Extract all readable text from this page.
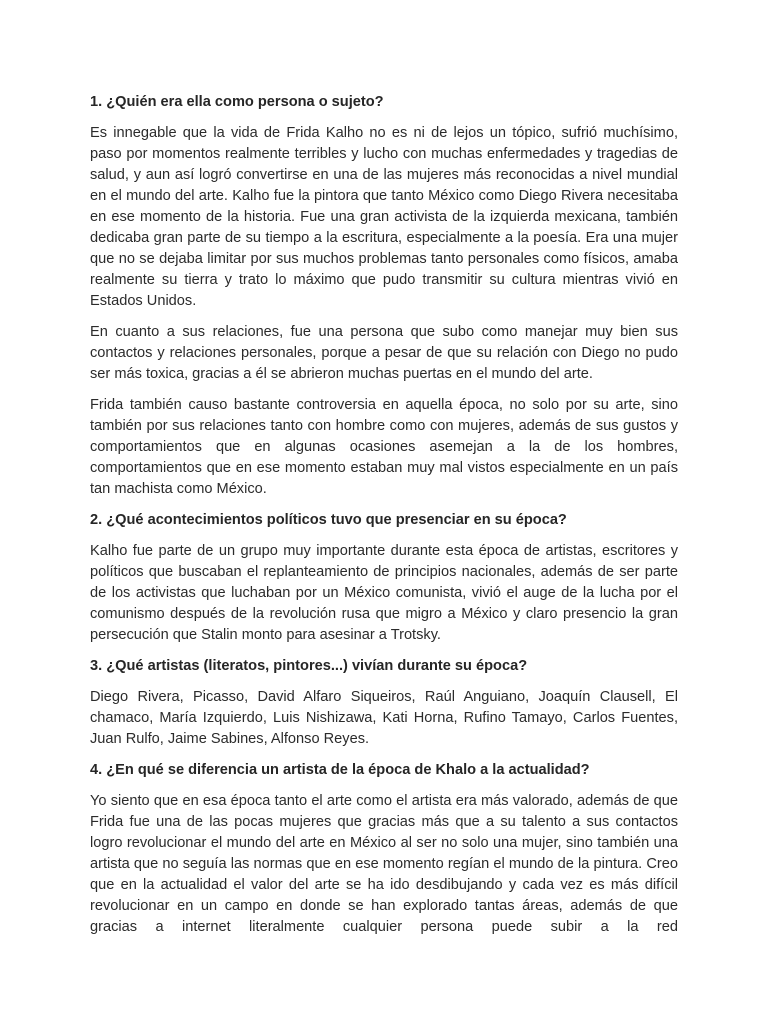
1. ¿Quién era ella como persona o sujeto?

Es innegable que la vida de Frida Kalho no es ni de lejos un tópico, sufrió muchísimo, paso por momentos realmente terribles y lucho con muchas enfermedades y tragedias de salud, y aun así logró convertirse en una de las mujeres más reconocidas a nivel mundial en el mundo del arte. Kalho fue la pintora que tanto México como Diego Rivera necesitaba en ese momento de la historia. Fue una gran activista de la izquierda mexicana, también dedicaba gran parte de su tiempo a la escritura, especialmente a la poesía. Era una mujer que no se dejaba limitar por sus muchos problemas tanto personales como físicos, amaba realmente su tierra y trato lo máximo que pudo transmitir su cultura mientras vivió en Estados Unidos.

En cuanto a sus relaciones, fue una persona que subo como manejar muy bien sus contactos y relaciones personales, porque a pesar de que su relación con Diego no pudo ser más toxica, gracias a él se abrieron muchas puertas en el mundo del arte.

Frida también causo bastante controversia en aquella época, no solo por su arte, sino también por sus relaciones tanto con hombre como con mujeres, además de sus gustos y comportamientos que en algunas ocasiones asemejan a la de los hombres, comportamientos que en ese momento estaban muy mal vistos especialmente en un país tan machista como México.

2. ¿Qué acontecimientos políticos tuvo que presenciar en su época?

Kalho fue parte de un grupo muy importante durante esta época de artistas, escritores y políticos que buscaban el replanteamiento de principios nacionales, además de ser parte de los activistas que luchaban por un México comunista, vivió el auge de la lucha por el comunismo después de la revolución rusa que migro a México y claro presencio la gran persecución que Stalin monto para asesinar a Trotsky.

3. ¿Qué artistas (literatos, pintores...) vivían durante su época?

Diego Rivera, Picasso, David Alfaro Siqueiros, Raúl Anguiano, Joaquín Clausell, El chamaco, María Izquierdo, Luis Nishizawa, Kati Horna, Rufino Tamayo, Carlos Fuentes, Juan Rulfo, Jaime Sabines, Alfonso Reyes.

4. ¿En qué se diferencia un artista de la época de Khalo a la actualidad?

Yo siento que en esa época tanto el arte como el artista era más valorado, además de que Frida fue una de las pocas mujeres que gracias más que a su talento a sus contactos logro revolucionar el mundo del arte en México al ser no solo una mujer, sino también una artista que no seguía las normas que en ese momento regían el mundo de la pintura. Creo que en la actualidad el valor del arte se ha ido desdibujando y cada vez es más difícil revolucionar en un campo en donde se han explorado tantas áreas, además de que gracias a internet literalmente cualquier persona puede subir a la red
